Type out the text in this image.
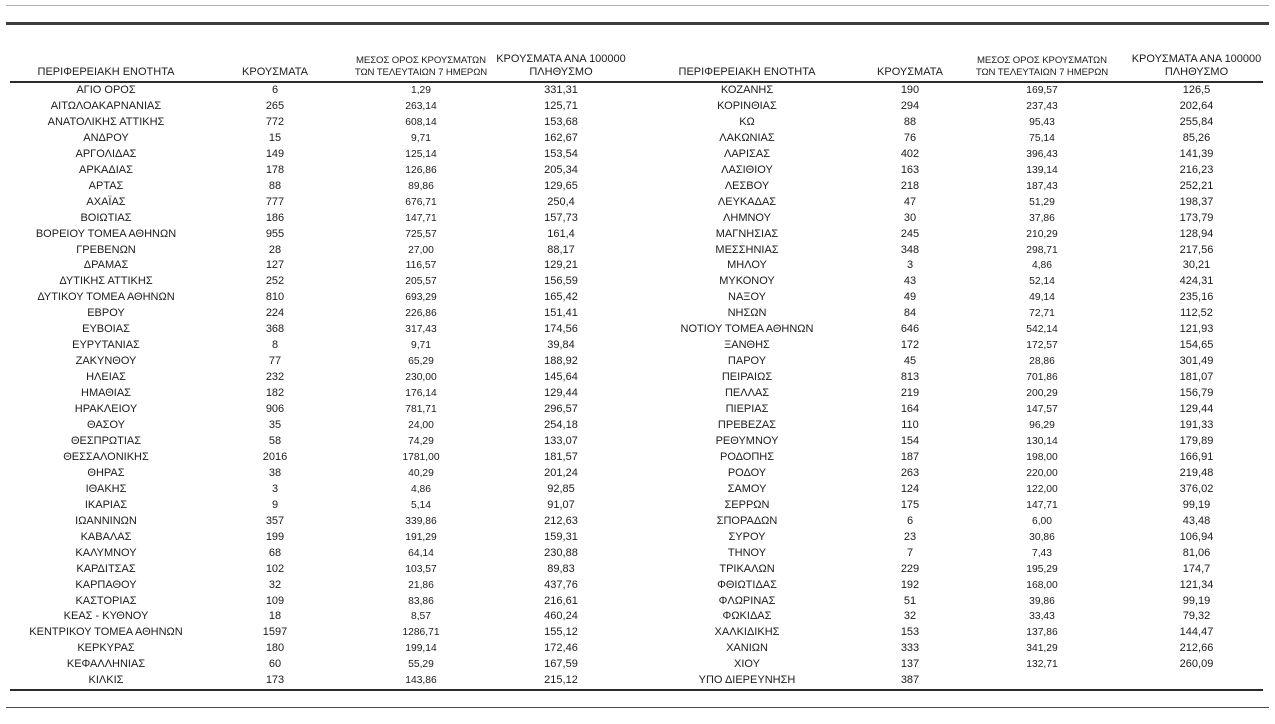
ΠΕΡΙΦΕΡΕΙΑΚΗ ΕΝΟΤΗΤΑ	ΚΡΟΥΣΜΑΤΑ	ΜΕΣΟΣ ΟΡΟΣ ΚΡΟΥΣΜΑΤΩΝ
ΤΩΝ ΤΕΛΕΥΤΑΙΩΝ 7 ΗΜΕΡΩΝ	ΚΡΟΥΣΜΑΤΑ ΑΝΑ 100000
ΠΛΗΘΥΣΜΟ	ΠΕΡΙΦΕΡΕΙΑΚΗ ΕΝΟΤΗΤΑ	ΚΡΟΥΣΜΑΤΑ	ΜΕΣΟΣ ΟΡΟΣ ΚΡΟΥΣΜΑΤΩΝ
ΤΩΝ ΤΕΛΕΥΤΑΙΩΝ 7 ΗΜΕΡΩΝ	ΚΡΟΥΣΜΑΤΑ ΑΝΑ 100000
ΠΛΗΘΥΣΜΟ

ΑΓΙΟ ΟΡΟΣ	6	1,29	331,31	ΚΟΖΑΝΗΣ	190	169,57	126,5
ΑΙΤΩΛΟΑΚΑΡΝΑΝΙΑΣ	265	263,14	125,71	ΚΟΡΙΝΘΙΑΣ	294	237,43	202,64
ΑΝΑΤΟΛΙΚΗΣ ΑΤΤΙΚΗΣ	772	608,14	153,68	ΚΩ	88	95,43	255,84
ΑΝΔΡΟΥ	15	9,71	162,67	ΛΑΚΩΝΙΑΣ	76	75,14	85,26
ΑΡΓΟΛΙΔΑΣ	149	125,14	153,54	ΛΑΡΙΣΑΣ	402	396,43	141,39
ΑΡΚΑΔΙΑΣ	178	126,86	205,34	ΛΑΣΙΘΙΟΥ	163	139,14	216,23
ΑΡΤΑΣ	88	89,86	129,65	ΛΕΣΒΟΥ	218	187,43	252,21
ΑΧΑΪΑΣ	777	676,71	250,4	ΛΕΥΚΑΔΑΣ	47	51,29	198,37
ΒΟΙΩΤΙΑΣ	186	147,71	157,73	ΛΗΜΝΟΥ	30	37,86	173,79
ΒΟΡΕΙΟΥ ΤΟΜΕΑ ΑΘΗΝΩΝ	955	725,57	161,4	ΜΑΓΝΗΣΙΑΣ	245	210,29	128,94
ΓΡΕΒΕΝΩΝ	28	27,00	88,17	ΜΕΣΣΗΝΙΑΣ	348	298,71	217,56
ΔΡΑΜΑΣ	127	116,57	129,21	ΜΗΛΟΥ	3	4,86	30,21
ΔΥΤΙΚΗΣ ΑΤΤΙΚΗΣ	252	205,57	156,59	ΜΥΚΟΝΟΥ	43	52,14	424,31
ΔΥΤΙΚΟΥ ΤΟΜΕΑ ΑΘΗΝΩΝ	810	693,29	165,42	ΝΑΞΟΥ	49	49,14	235,16
ΕΒΡΟΥ	224	226,86	151,41	ΝΗΣΩΝ	84	72,71	112,52
ΕΥΒΟΙΑΣ	368	317,43	174,56	ΝΟΤΙΟΥ ΤΟΜΕΑ ΑΘΗΝΩΝ	646	542,14	121,93
ΕΥΡΥΤΑΝΙΑΣ	8	9,71	39,84	ΞΑΝΘΗΣ	172	172,57	154,65
ΖΑΚΥΝΘΟΥ	77	65,29	188,92	ΠΑΡΟΥ	45	28,86	301,49
ΗΛΕΙΑΣ	232	230,00	145,64	ΠΕΙΡΑΙΩΣ	813	701,86	181,07
ΗΜΑΘΙΑΣ	182	176,14	129,44	ΠΕΛΛΑΣ	219	200,29	156,79
ΗΡΑΚΛΕΙΟΥ	906	781,71	296,57	ΠΙΕΡΙΑΣ	164	147,57	129,44
ΘΑΣΟΥ	35	24,00	254,18	ΠΡΕΒΕΖΑΣ	110	96,29	191,33
ΘΕΣΠΡΩΤΙΑΣ	58	74,29	133,07	ΡΕΘΥΜΝΟΥ	154	130,14	179,89
ΘΕΣΣΑΛΟΝΙΚΗΣ	2016	1781,00	181,57	ΡΟΔΟΠΗΣ	187	198,00	166,91
ΘΗΡΑΣ	38	40,29	201,24	ΡΟΔΟΥ	263	220,00	219,48
ΙΘΑΚΗΣ	3	4,86	92,85	ΣΑΜΟΥ	124	122,00	376,02
ΙΚΑΡΙΑΣ	9	5,14	91,07	ΣΕΡΡΩΝ	175	147,71	99,19
ΙΩΑΝΝΙΝΩΝ	357	339,86	212,63	ΣΠΟΡΑΔΩΝ	6	6,00	43,48
ΚΑΒΑΛΑΣ	199	191,29	159,31	ΣΥΡΟΥ	23	30,86	106,94
ΚΑΛΥΜΝΟΥ	68	64,14	230,88	ΤΗΝΟΥ	7	7,43	81,06
ΚΑΡΔΙΤΣΑΣ	102	103,57	89,83	ΤΡΙΚΑΛΩΝ	229	195,29	174,7
ΚΑΡΠΑΘΟΥ	32	21,86	437,76	ΦΘΙΩΤΙΔΑΣ	192	168,00	121,34
ΚΑΣΤΟΡΙΑΣ	109	83,86	216,61	ΦΛΩΡΙΝΑΣ	51	39,86	99,19
ΚΕΑΣ - ΚΥΘΝΟΥ	18	8,57	460,24	ΦΩΚΙΔΑΣ	32	33,43	79,32
ΚΕΝΤΡΙΚΟΥ ΤΟΜΕΑ ΑΘΗΝΩΝ	1597	1286,71	155,12	ΧΑΛΚΙΔΙΚΗΣ	153	137,86	144,47
ΚΕΡΚΥΡΑΣ	180	199,14	172,46	ΧΑΝΙΩΝ	333	341,29	212,66
ΚΕΦΑΛΛΗΝΙΑΣ	60	55,29	167,59	ΧΙΟΥ	137	132,71	260,09
ΚΙΛΚΙΣ	173	143,86	215,12	ΥΠΟ ΔΙΕΡΕΥΝΗΣΗ	387		
